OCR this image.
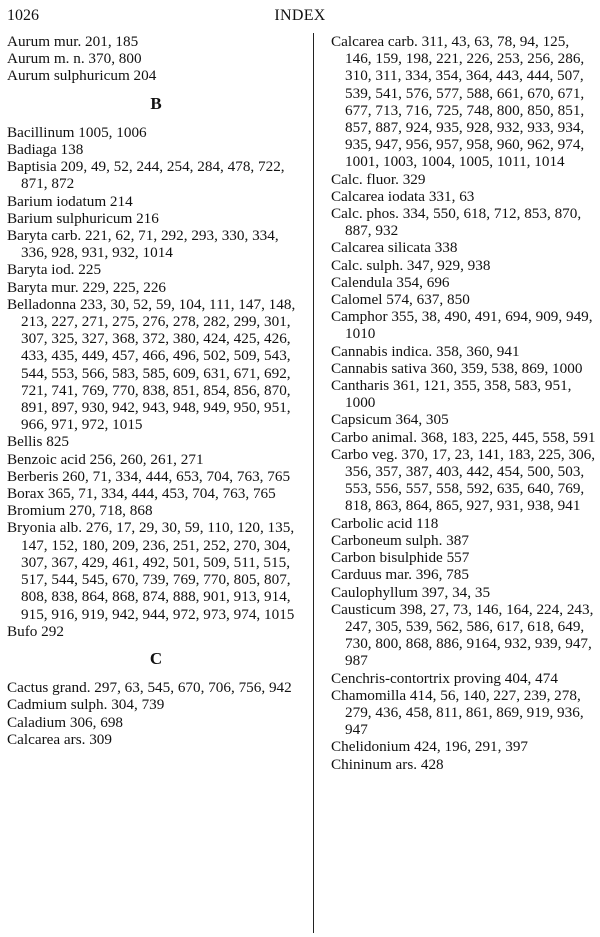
1026	INDEX
Aurum mur. 201, 185
Aurum m. n. 370, 800
Aurum sulphuricum 204
B
Bacillinum 1005, 1006
Badiaga 138
Baptisia 209, 49, 52, 244, 254, 284, 478, 722, 871, 872
Barium iodatum 214
Barium sulphuricum 216
Baryta carb. 221, 62, 71, 292, 293, 330, 334, 336, 928, 931, 932, 1014
Baryta iod. 225
Baryta mur. 229, 225, 226
Belladonna 233, 30, 52, 59, 104, 111, 147, 148, 213, 227, 271, 275, 276, 278, 282, 299, 301, 307, 325, 327, 368, 372, 380, 424, 425, 426, 433, 435, 449, 457, 466, 496, 502, 509, 543, 544, 553, 566, 583, 585, 609, 631, 671, 692, 721, 741, 769, 770, 838, 851, 854, 856, 870, 891, 897, 930, 942, 943, 948, 949, 950, 951, 966, 971, 972, 1015
Bellis 825
Benzoic acid 256, 260, 261, 271
Berberis 260, 71, 334, 444, 653, 704, 763, 765
Borax 365, 71, 334, 444, 453, 704, 763, 765
Bromium 270, 718, 868
Bryonia alb. 276, 17, 29, 30, 59, 110, 120, 135, 147, 152, 180, 209, 236, 251, 252, 270, 304, 307, 367, 429, 461, 492, 501, 509, 511, 515, 517, 544, 545, 670, 739, 769, 770, 805, 807, 808, 838, 864, 868, 874, 888, 901, 913, 914, 915, 916, 919, 942, 944, 972, 973, 974, 1015
Bufo 292
C
Cactus grand. 297, 63, 545, 670, 706, 756, 942
Cadmium sulph. 304, 739
Caladium 306, 698
Calcarea ars. 309
Calcarea carb. 311, 43, 63, 78, 94, 125, 146, 159, 198, 221, 226, 253, 256, 286, 310, 311, 334, 354, 364, 443, 444, 507, 539, 541, 576, 577, 588, 661, 670, 671, 677, 713, 716, 725, 748, 800, 850, 851, 857, 887, 924, 935, 928, 932, 933, 934, 935, 947, 956, 957, 958, 960, 962, 974, 1001, 1003, 1004, 1005, 1011, 1014
Calc. fluor. 329
Calcarea iodata 331, 63
Calc. phos. 334, 550, 618, 712, 853, 870, 887, 932
Calcarea silicata 338
Calc. sulph. 347, 929, 938
Calendula 354, 696
Calomel 574, 637, 850
Camphor 355, 38, 490, 491, 694, 909, 949, 1010
Cannabis indica. 358, 360, 941
Cannabis sativa 360, 359, 538, 869, 1000
Cantharis 361, 121, 355, 358, 583, 951, 1000
Capsicum 364, 305
Carbo animal. 368, 183, 225, 445, 558, 591
Carbo veg. 370, 17, 23, 141, 183, 225, 306, 356, 357, 387, 403, 442, 454, 500, 503, 553, 556, 557, 558, 592, 635, 640, 769, 818, 863, 864, 865, 927, 931, 938, 941
Carbolic acid 118
Carboneum sulph. 387
Carbon bisulphide 557
Carduus mar. 396, 785
Caulophyllum 397, 34, 35
Causticum 398, 27, 73, 146, 164, 224, 243, 247, 305, 539, 562, 586, 617, 618, 649, 730, 800, 868, 886, 9164, 932, 939, 947, 987
Cenchris-contortrix proving 404, 474
Chamomilla 414, 56, 140, 227, 239, 278, 279, 436, 458, 811, 861, 869, 919, 936, 947
Chelidonium 424, 196, 291, 397
Chininum ars. 428
